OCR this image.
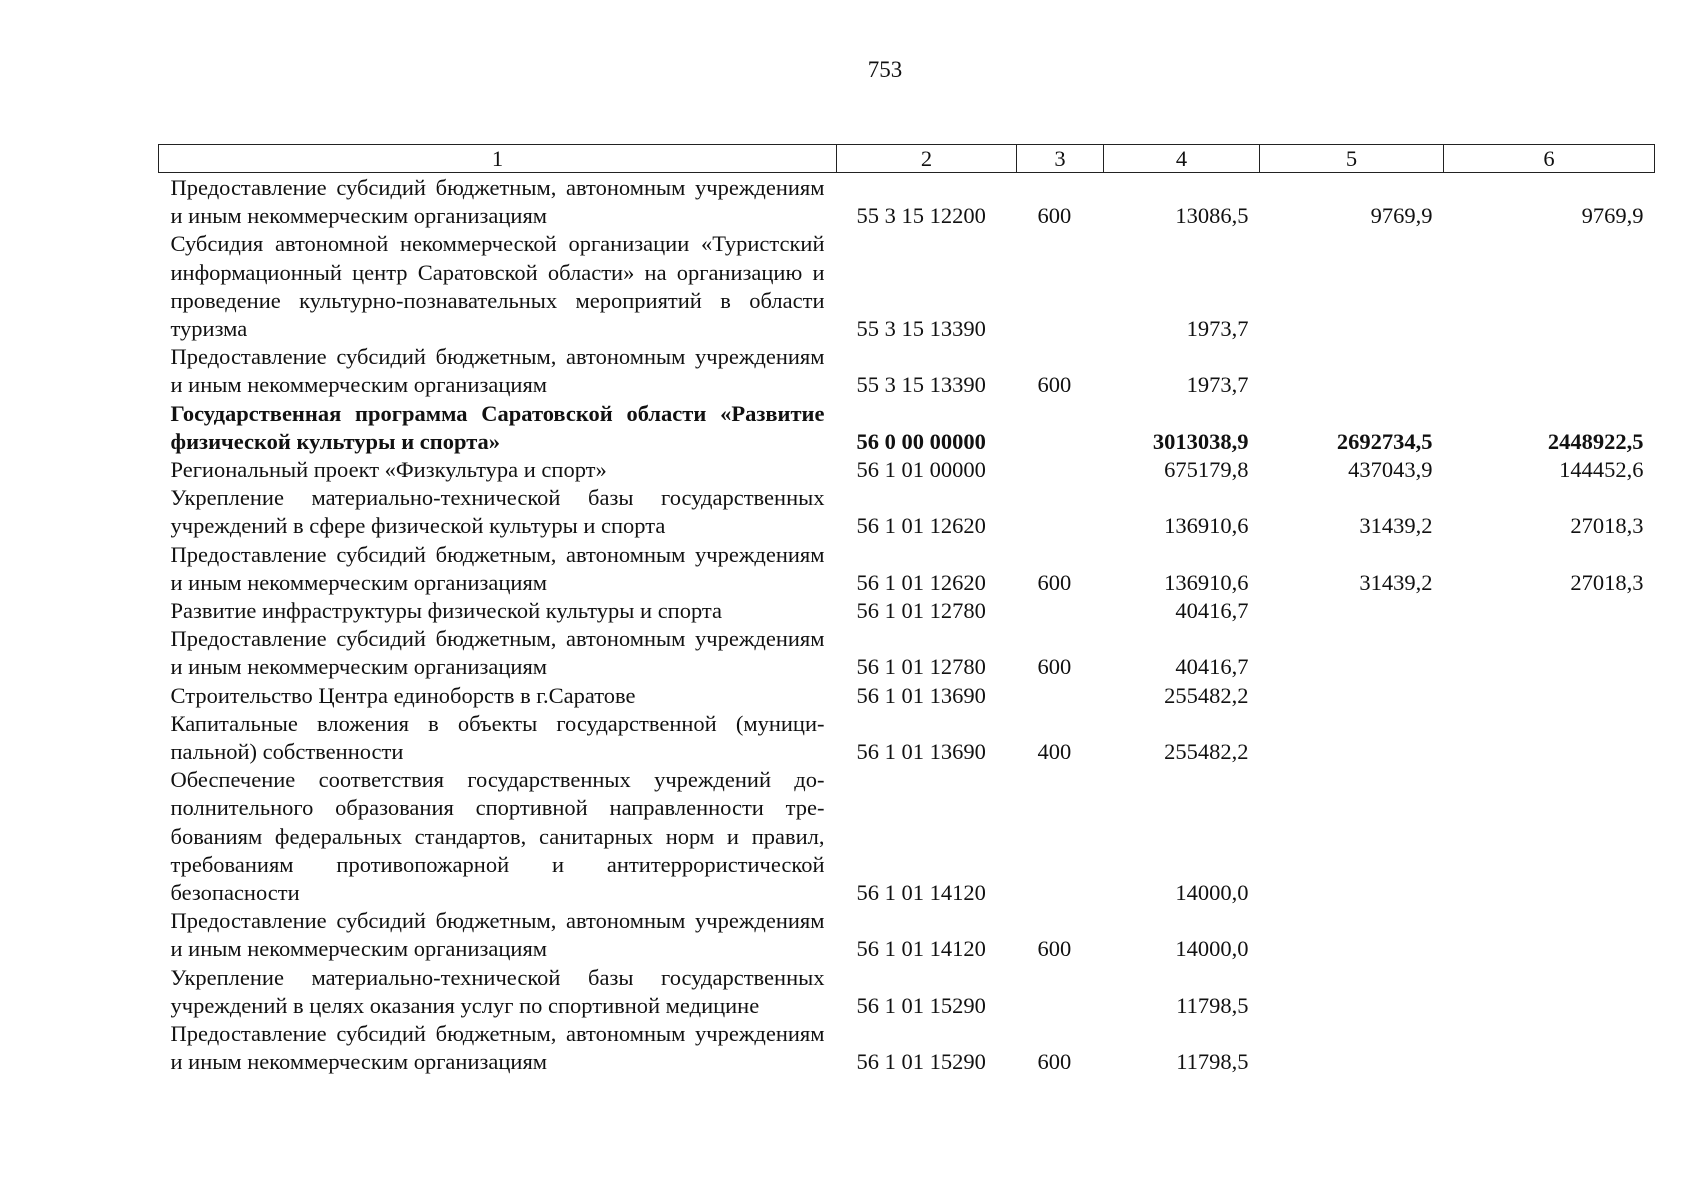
753
1	2	3	4	5	6
Предоставление субсидий бюджетным, автономным учреждениям и иным некоммерческим организациям	55 3 15 12200	600	13086,5	9769,9	9769,9
Субсидия автономной некоммерческой организации «Туристский информационный центр Саратовской области» на организацию и проведение культурно-познавательных мероприятий в области туризма	55 3 15 13390		1973,7		
Предоставление субсидий бюджетным, автономным учреждениям и иным некоммерческим организациям	55 3 15 13390	600	1973,7		
Государственная программа Саратовской области «Развитие физической культуры и спорта»	56 0 00 00000		3013038,9	2692734,5	2448922,5
Региональный проект «Физкультура и спорт»	56 1 01 00000		675179,8	437043,9	144452,6
Укрепление материально-технической базы государственных учреждений в сфере физической культуры и спорта	56 1 01 12620		136910,6	31439,2	27018,3
Предоставление субсидий бюджетным, автономным учреждениям и иным некоммерческим организациям	56 1 01 12620	600	136910,6	31439,2	27018,3
Развитие инфраструктуры физической культуры и спорта	56 1 01 12780		40416,7		
Предоставление субсидий бюджетным, автономным учреждениям и иным некоммерческим организациям	56 1 01 12780	600	40416,7		
Строительство Центра единоборств в г.Саратове	56 1 01 13690		255482,2		
Капитальные вложения в объекты государственной (муниципальной) собственности	56 1 01 13690	400	255482,2		
Обеспечение соответствия государственных учреждений дополнительного образования спортивной направленности требованиям федеральных стандартов, санитарных норм и правил, требованиям противопожарной и антитеррористической безопасности	56 1 01 14120		14000,0		
Предоставление субсидий бюджетным, автономным учреждениям и иным некоммерческим организациям	56 1 01 14120	600	14000,0		
Укрепление материально-технической базы государственных учреждений в целях оказания услуг по спортивной медицине	56 1 01 15290		11798,5		
Предоставление субсидий бюджетным, автономным учреждениям и иным некоммерческим организациям	56 1 01 15290	600	11798,5		
